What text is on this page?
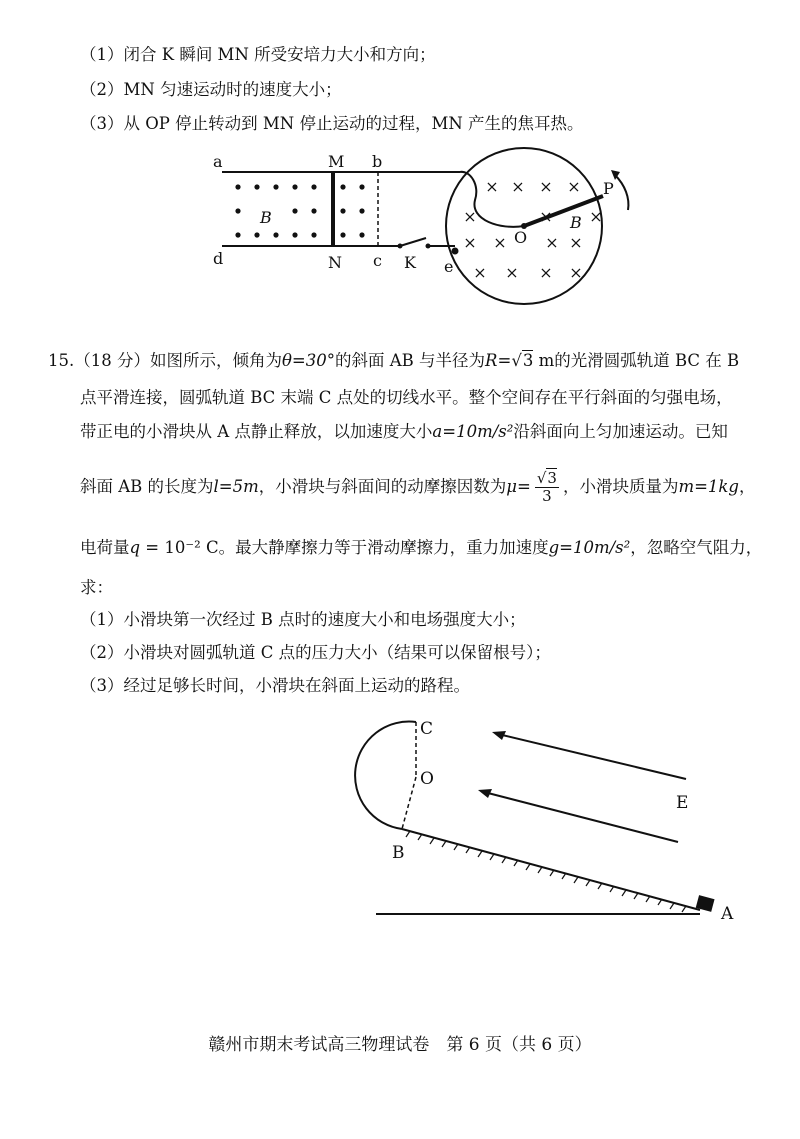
（1）闭合 K 瞬间 MN 所受安培力大小和方向；
（2）MN 匀速运动时的速度大小；
（3）从 OP 停止转动到 MN 停止运动的过程，MN 产生的焦耳热。
× × × ×
×	× ×
× × × ×
× × × ×
a	M b
d	N c K e
O
P
B	B
15.（18 分）如图所示，倾角为θ=30°的斜面 AB 与半径为R=√3 m的光滑圆弧轨道 BC 在 B
点平滑连接，圆弧轨道 BC 末端 C 点处的切线水平。整个空间存在平行斜面的匀强电场，
带正电的小滑块从 A 点静止释放，以加速度大小a=10m/s²沿斜面向上匀加速运动。已知
斜面 AB 的长度为l=5m，小滑块与斜面间的动摩擦因数为$\mu= \frac{√3}{3}$ ，小滑块质量为m=1kg，
电荷量q = 10⁻² C。最大静摩擦力等于滑动摩擦力，重力加速度g=10m/s²，忽略空气阻力，
求：
（1）小滑块第一次经过 B 点时的速度大小和电场强度大小；
（2）小滑块对圆弧轨道 C 点的压力大小（结果可以保留根号）；
（3）经过足够长时间，小滑块在斜面上运动的路程。
C
O
B
E
A
赣州市期末考试高三物理试卷　第 6 页（共 6 页）
